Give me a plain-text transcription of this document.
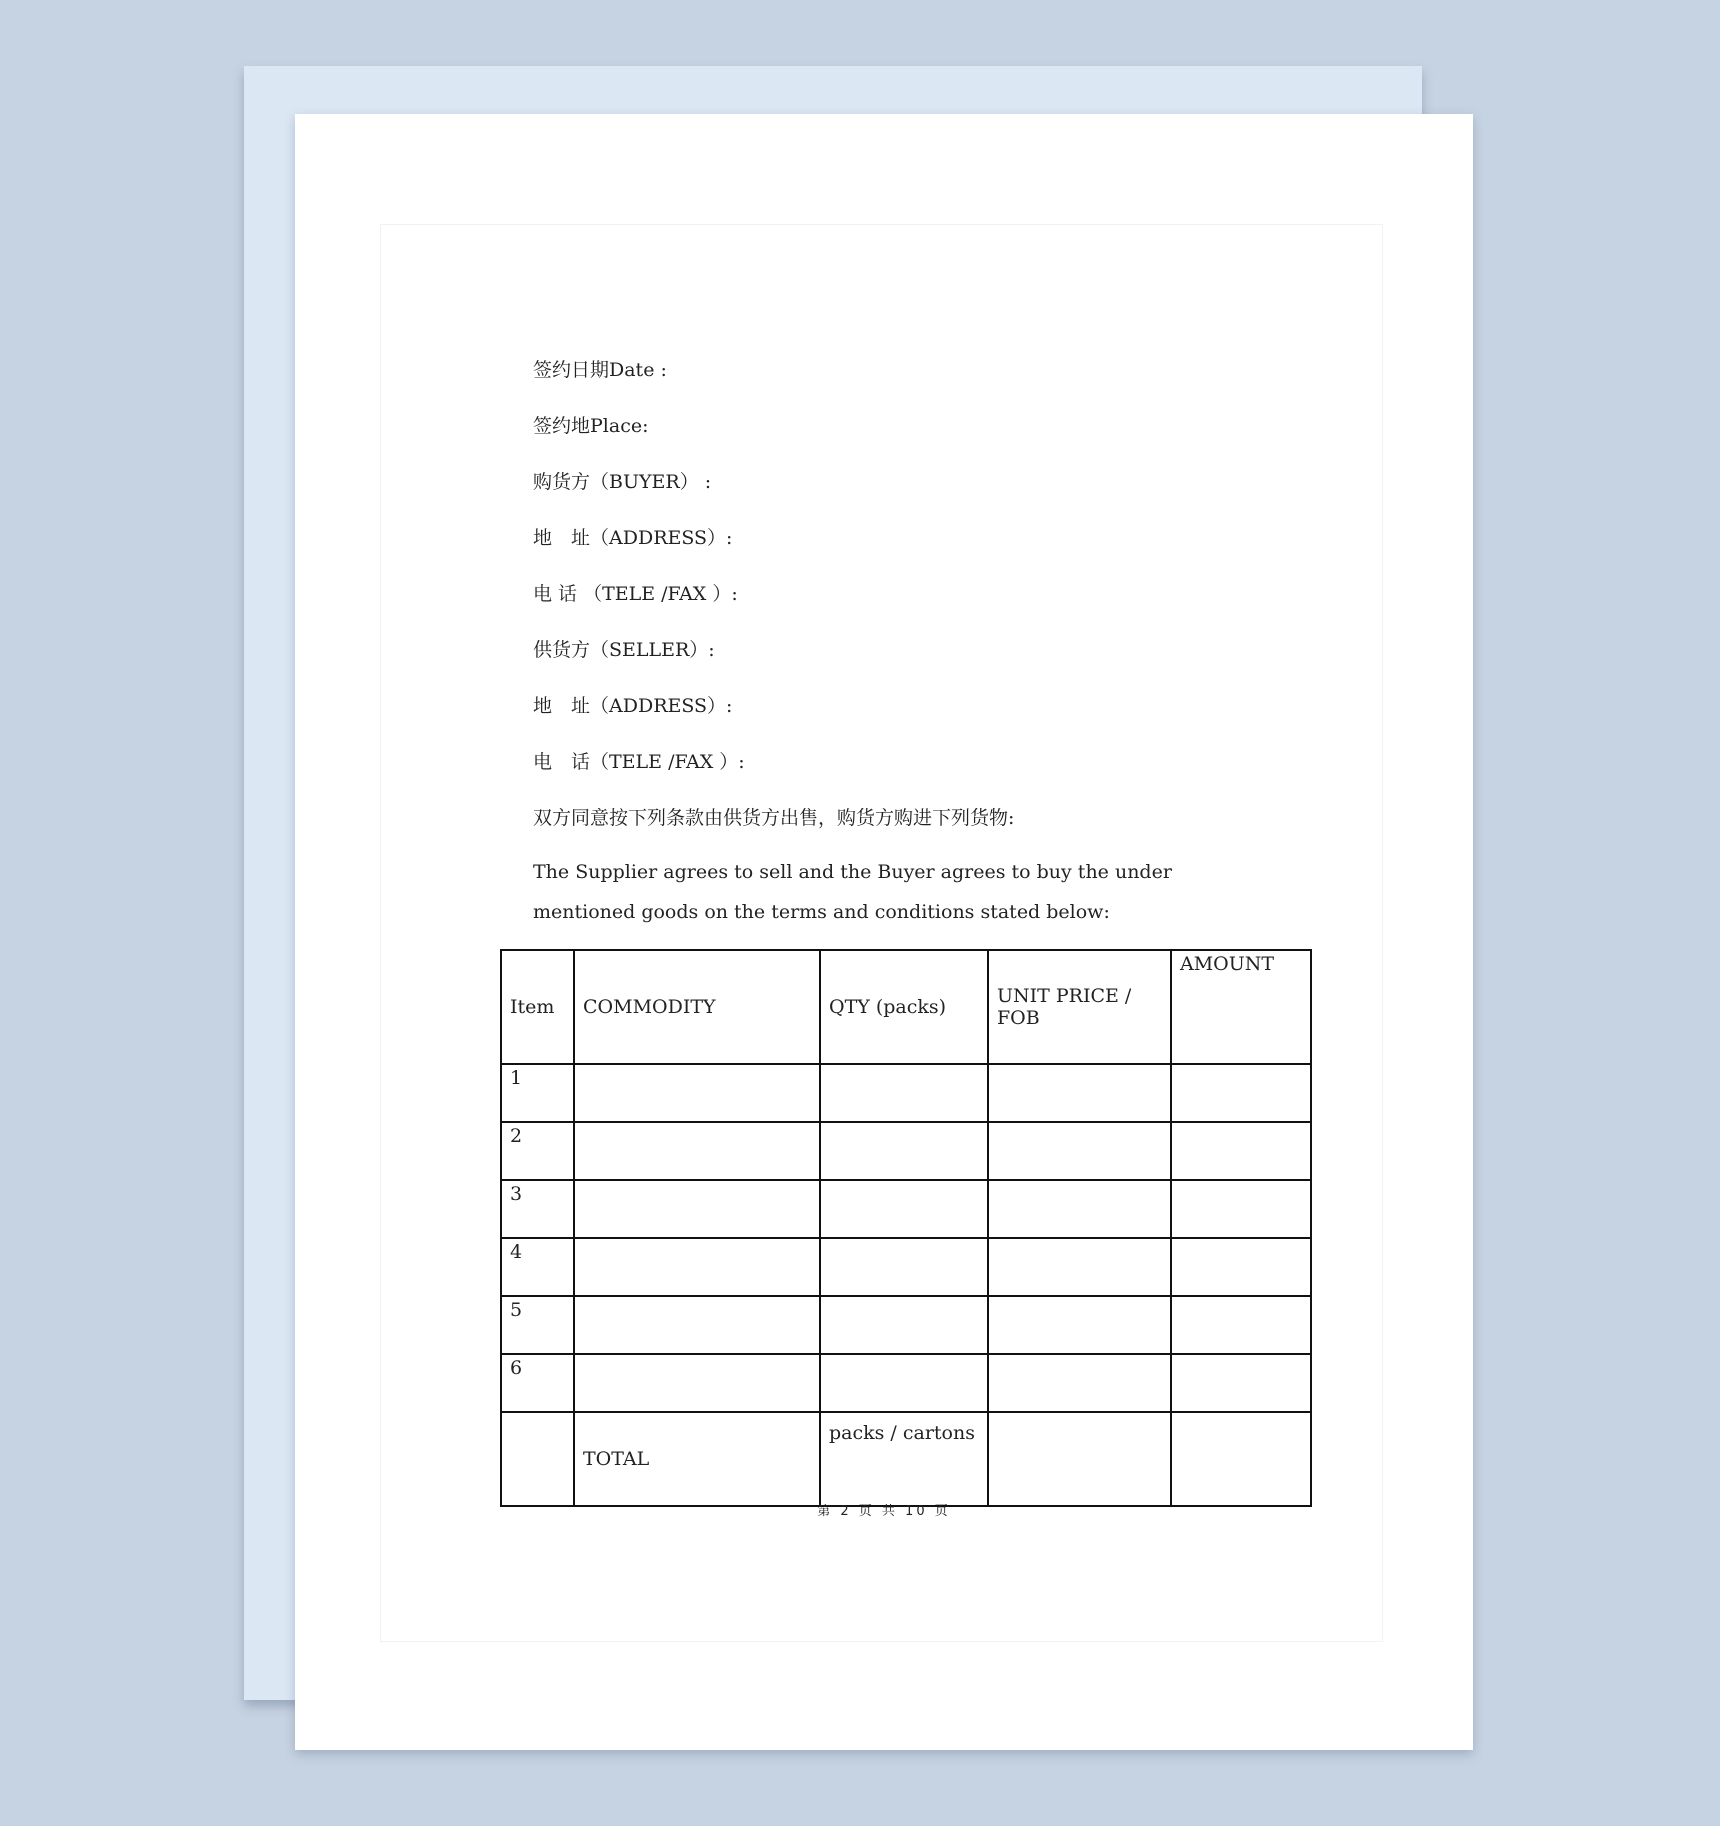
签约日期Date :
签约地Place:
购货方（BUYER） :
地　址（ADDRESS）:
电 话 （TELE /FAX ）:
供货方（SELLER）:
地　址（ADDRESS）:
电　话（TELE /FAX ）:
双方同意按下列条款由供货方出售，购货方购进下列货物:
The Supplier agrees to sell and the Buyer agrees to buy the under mentioned goods on the terms and conditions stated below:
Item	COMMODITY	QTY (packs)	UNIT PRICE / FOB	AMOUNT
1				
2				
3				
4				
5				
6				
	TOTAL	packs / cartons		
第 2 页 共 10 页
